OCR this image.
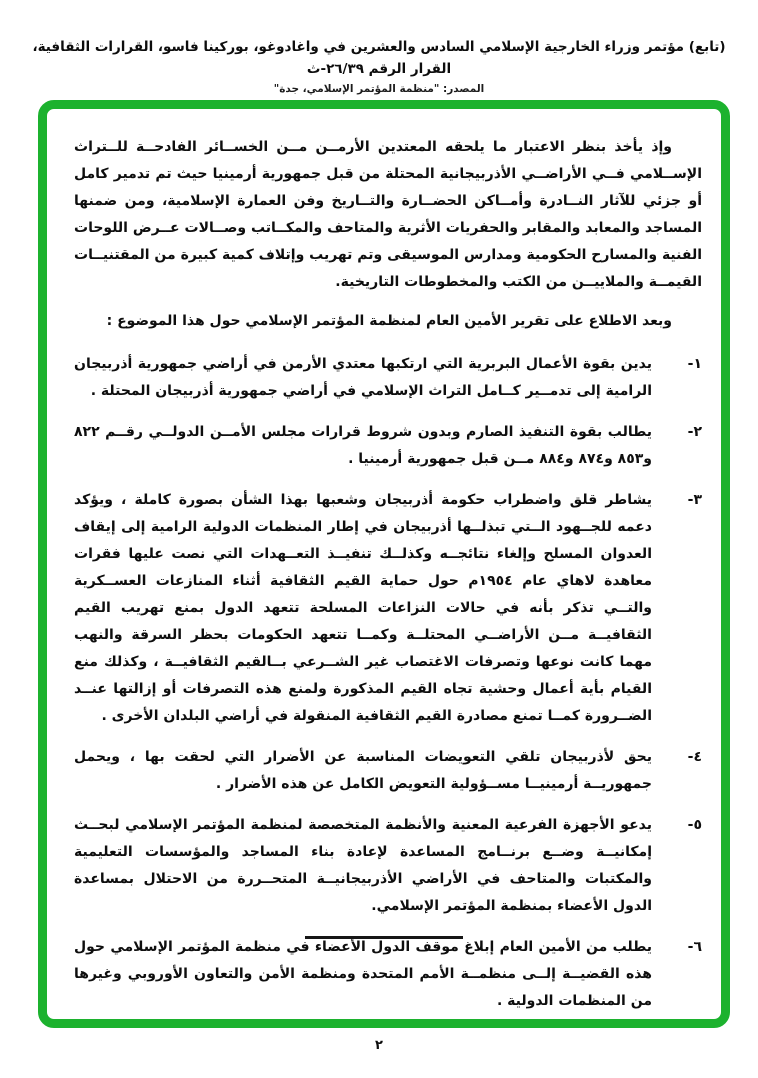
(تابع) مؤتمر وزراء الخارجية الإسلامي السادس والعشرين في واغادوغو، بوركينا فاسو، القرارات الثقافية، القرار الرقم ٢٦/٣٩-ث
المصدر: "منظمة المؤتمر الإسلامي، جدة"

وإذ يأخذ بنظر الاعتبار ما يلحقه المعتدين الأرمــن مــن الخســائر الفادحــة للــتراث الإســلامي فــي الأراضــي الأذربيجانية المحتلة من قبل جمهورية أرمينيا حيث تم تدمير كامل أو جزئي للآثار النــادرة وأمــاكن الحضــارة والتــاريخ وفن العمارة الإسلامية، ومن ضمنها المساجد والمعابد والمقابر والحفريات الأثرية والمتاحف والمكــاتب وصــالات عــرض اللوحات الفنية والمسارح الحكومية ومدارس الموسيقى وتم تهريب وإتلاف كمية كبيرة من المقتنيــات القيمــة والملاييــن من الكتب والمخطوطات التاريخية.

وبعد الاطلاع على تقرير الأمين العام لمنظمة المؤتمر الإسلامي حول هذا الموضوع :

١-
يدين بقوة الأعمال البربرية التي ارتكبها معتدي الأرمن في أراضي جمهورية أذربيجان الرامية إلى تدمــير كــامل التراث الإسلامي في أراضي جمهورية أذربيجان المحتلة .
٢-
يطالب بقوة التنفيذ الصارم وبدون شروط قرارات مجلس الأمــن الدولــي رقــم ٨٢٢ و٨٥٣ و٨٧٤ و٨٨٤ مــن قبل جمهورية أرمينيا .
٣-
يشاطر قلق واضطراب حكومة أذربيجان وشعبها بهذا الشأن بصورة كاملة ، ويؤكد دعمه للجــهود الــتي تبذلــها أذربيجان في إطار المنظمات الدولية الرامية إلى إيقاف العدوان المسلح وإلغاء نتائجــه وكذلــك تنفيــذ التعــهدات التي نصت عليها فقرات معاهدة لاهاي عام ١٩٥٤م حول حماية القيم الثقافية أثناء المنازعات العســكرية والتــي تذكر بأنه في حالات النزاعات المسلحة تتعهد الدول بمنع تهريب القيم الثقافيــة مــن الأراضــي المحتلــة وكمــا تتعهد الحكومات بحظر السرقة والنهب مهما كانت نوعها وتصرفات الاغتصاب غير الشــرعي بــالقيم الثقافيــة ، وكذلك منع القيام بأية أعمال وحشية تجاه القيم المذكورة ولمنع هذه التصرفات أو إزالتها عنــد الضــرورة كمــا تمنع مصادرة القيم الثقافية المنقولة في أراضي البلدان الأخرى .
٤-
يحق لأذربيجان تلقي التعويضات المناسبة عن الأضرار التي لحقت بها ، ويحمل جمهوريــة أرمينيــا مســؤولية التعويض الكامل عن هذه الأضرار .
٥-
يدعو الأجهزة الفرعية المعنية والأنظمة المتخصصة لمنظمة المؤتمر الإسلامي لبحــث إمكانيــة وضــع برنــامج المساعدة لإعادة بناء المساجد والمؤسسات التعليمية والمكتبات والمتاحف في الأراضي الأذربيجانيــة المتحــررة من الاحتلال بمساعدة الدول الأعضاء بمنظمة المؤتمر الإسلامي.
٦-
يطلب من الأمين العام إبلاغ موقف الدول الأعضاء في منظمة المؤتمر الإسلامي حول هذه القضيــة إلــى منظمــة الأمم المتحدة ومنظمة الأمن والتعاون الأوروبي وغيرها من المنظمات الدولية .
٢
